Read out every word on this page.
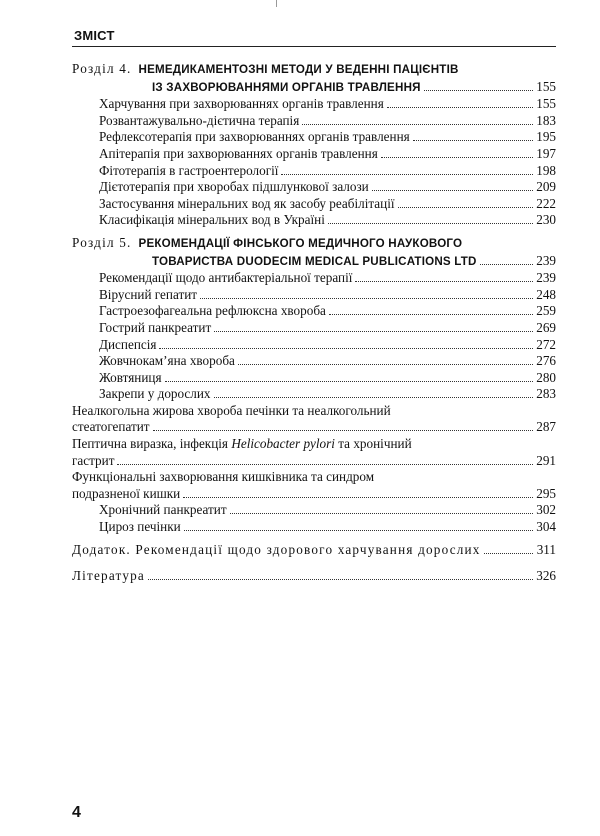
ЗМІСТ
Розділ 4. НЕМЕДИКАМЕНТОЗНІ МЕТОДИ У ВЕДЕННІ ПАЦІЄНТІВ
ІЗ ЗАХВОРЮВАННЯМИ ОРГАНІВ ТРАВЛЕННЯ	155
Харчування при захворюваннях органів травлення	155
Розвантажувально-дієтична терапія	183
Рефлексотерапія при захворюваннях органів травлення	195
Апітерапія при захворюваннях органів травлення	197
Фітотерапія в гастроентерології	198
Дієтотерапія при хворобах підшлункової залози	209
Застосування мінеральних вод як засобу реабілітації	222
Класифікація мінеральних вод в Україні	230
Розділ 5. РЕКОМЕНДАЦІЇ ФІНСЬКОГО МЕДИЧНОГО НАУКОВОГО
ТОВАРИСТВА DUODECIM MEDICAL PUBLICATIONS LTD	239
Рекомендації щодо антибактеріальної терапії	239
Вірусний гепатит	248
Гастроезофагеальна рефлюксна хвороба	259
Гострий панкреатит	269
Диспепсія	272
Жовчнокам’яна хвороба	276
Жовтяниця	280
Закрепи у дорослих	283
Неалкогольна жирова хвороба печінки та неалкогольний
стеатогепатит	287
Пептична виразка, інфекція Helicobacter pylori та хронічний
гастрит	291
Функціональні захворювання кишківника та синдром
подразненої кишки	295
Хронічний панкреатит	302
Цироз печінки	304
Додаток. Рекомендації щодо здорового харчування дорослих	311
Література	326
4
